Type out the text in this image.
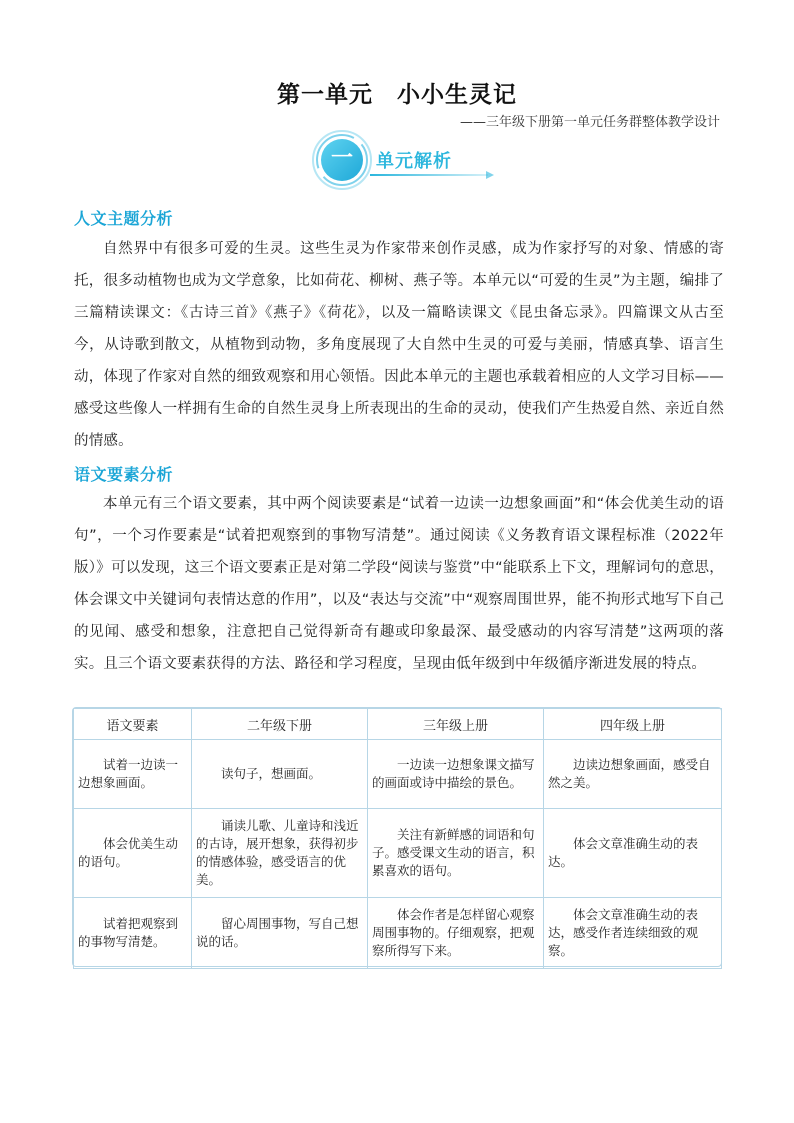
第一单元　小小生灵记
——三年级下册第一单元任务群整体教学设计
一	单元解析
人文主题分析
自然界中有很多可爱的生灵。这些生灵为作家带来创作灵感，成为作家抒写的对象、情感的寄托，很多动植物也成为文学意象，比如荷花、柳树、燕子等。本单元以“可爱的生灵”为主题，编排了三篇精读课文：《古诗三首》《燕子》《荷花》，以及一篇略读课文《昆虫备忘录》。四篇课文从古至今，从诗歌到散文，从植物到动物，多角度展现了大自然中生灵的可爱与美丽，情感真挚、语言生动，体现了作家对自然的细致观察和用心领悟。因此本单元的主题也承载着相应的人文学习目标——感受这些像人一样拥有生命的自然生灵身上所表现出的生命的灵动，使我们产生热爱自然、亲近自然的情感。
语文要素分析
本单元有三个语文要素，其中两个阅读要素是“试着一边读一边想象画面”和“体会优美生动的语句”，一个习作要素是“试着把观察到的事物写清楚”。通过阅读《义务教育语文课程标准（2022年版）》可以发现，这三个语文要素正是对第二学段“阅读与鉴赏”中“能联系上下文，理解词句的意思，体会课文中关键词句表情达意的作用”，以及“表达与交流”中“观察周围世界，能不拘形式地写下自己的见闻、感受和想象，注意把自己觉得新奇有趣或印象最深、最受感动的内容写清楚”这两项的落实。且三个语文要素获得的方法、路径和学习程度，呈现由低年级到中年级循序渐进发展的特点。
语文要素	二年级下册	三年级上册	四年级上册
试着一边读一边想象画面。	读句子，想画面。	一边读一边想象课文描写的画面或诗中描绘的景色。	边读边想象画面，感受自然之美。
体会优美生动的语句。	诵读儿歌、儿童诗和浅近的古诗，展开想象，获得初步的情感体验，感受语言的优美。	关注有新鲜感的词语和句子。感受课文生动的语言，积累喜欢的语句。	体会文章准确生动的表达。
试着把观察到的事物写清楚。	留心周围事物，写自己想说的话。	体会作者是怎样留心观察周围事物的。仔细观察，把观察所得写下来。	体会文章准确生动的表达，感受作者连续细致的观察。
